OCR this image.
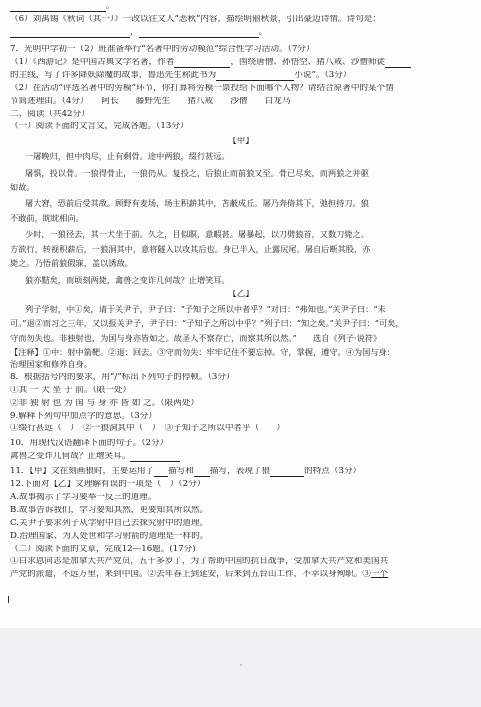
。

（6）刘禹锡《秋词（其一）》一改以往文人“悲秋”内容，描绘明丽秋景，引出豪迈诗情。诗句是：

，	。

7．光明中学初一（2）班准备举行“名著中的劳动模范”综合性学习活动。（7分）

（1）《西游记》是中国古典文学名著，作者	，围绕唐僧、孙悟空、猪八戒、沙僧师徒

的主线，写了许多降妖除魔的故事，鲁迅先生称此书为	小说”。（3分）

（2）在活动“评选名著中的劳模”环节，你打算将劳模一票投给下面哪个人物？请结合原著中的某个情

节简述理由。（4分）　　阿长　　藤野先生　　猪八戒　　沙僧　　白龙马

二、阅读（共42分）

（一）阅读下面的文言文，完成各题。（13分）

【甲】

一屠晚归，担中肉尽，止有剩骨。途中两狼，缀行甚远。

屠惧，投以骨。一狼得骨止，一狼仍从。复投之，后狼止而前狼又至。骨已尽矣，而两狼之并驱

如故。

屠大窘，恐前后受其敌。顾野有麦场，场主积薪其中，苫蔽成丘。屠乃奔倚其下，弛担持刀。狼

不敢前，眈眈相向。

少时，一狼径去，其一犬坐于前。久之，目似瞑，意暇甚。屠暴起，以刀劈狼首，又数刀毙之。

方欲行，转视积薪后，一狼洞其中，意将隧入以攻其后也。身已半入，止露尻尾。屠自后断其股，亦

毙之。乃悟前狼假寐，盖以诱敌。

狼亦黠矣，而顷刻两毙，禽兽之变诈几何哉？止增笑耳。

【乙】

列子学射，中①矣，请于关尹子，尹子曰：“子知子之所以中者乎？”对曰：“弗知也。”关尹子曰：“未

可。”退②而习之三年，又以报关尹子，尹子曰：“子知子之所以中乎？”列子曰：“知之矣。”关尹子曰：“可矣，

守而勿失也。非独射也，为国与身亦皆如之。故圣人不察存亡，而察其所以然。”　　选自《列子·说符》

【注释】①中：射中箭靶。②退：回去。③守而勿失：牢牢记住不要忘掉。守，掌握，遵守。④为国与身：

治理国家和修养自身。

8．根据括号内的要求，用“/”标出下列句子的停顿。（3分）

①其 一 犬 坐 于 前。（限一处）

②非 独 射 也 为 国 与 身 亦 皆 如 之。（限两处）

9.解释下列句中加点字的意思。（3分）

①缀行甚远（　）　②一狼洞其中（　）　③子知子之所以中者乎（　　）

10．用现代汉语翻译下面的句子。（2分）

禽兽之变诈几何哉？止增笑耳。

11．【甲】文在刻画狼时，主要运用了 描写和 描写，表现了狼	的特点（3分）

12.下面对【乙】文理解有误的一项是（　）（2分）

A.故事揭示了学习要举一反三的道理。

B.故事告诉我们，学习要知其然，更要知其所以然。

C.关尹子要求列子从学射中自己去探究射中的道理。

D.治理国家、为人处世和学习射箭的道理是一样的。

（二）阅读下面的文章，完成12—16题。(17分)

①白求恩同志是加拿大共产党员，五十多岁了，为了帮助中国的抗日战争，受加拿大共产党和美国共

产党的派遣，不远万里，来到中国。②去年春上到延安，后来到五台山工作，不幸以身殉职。③一个
